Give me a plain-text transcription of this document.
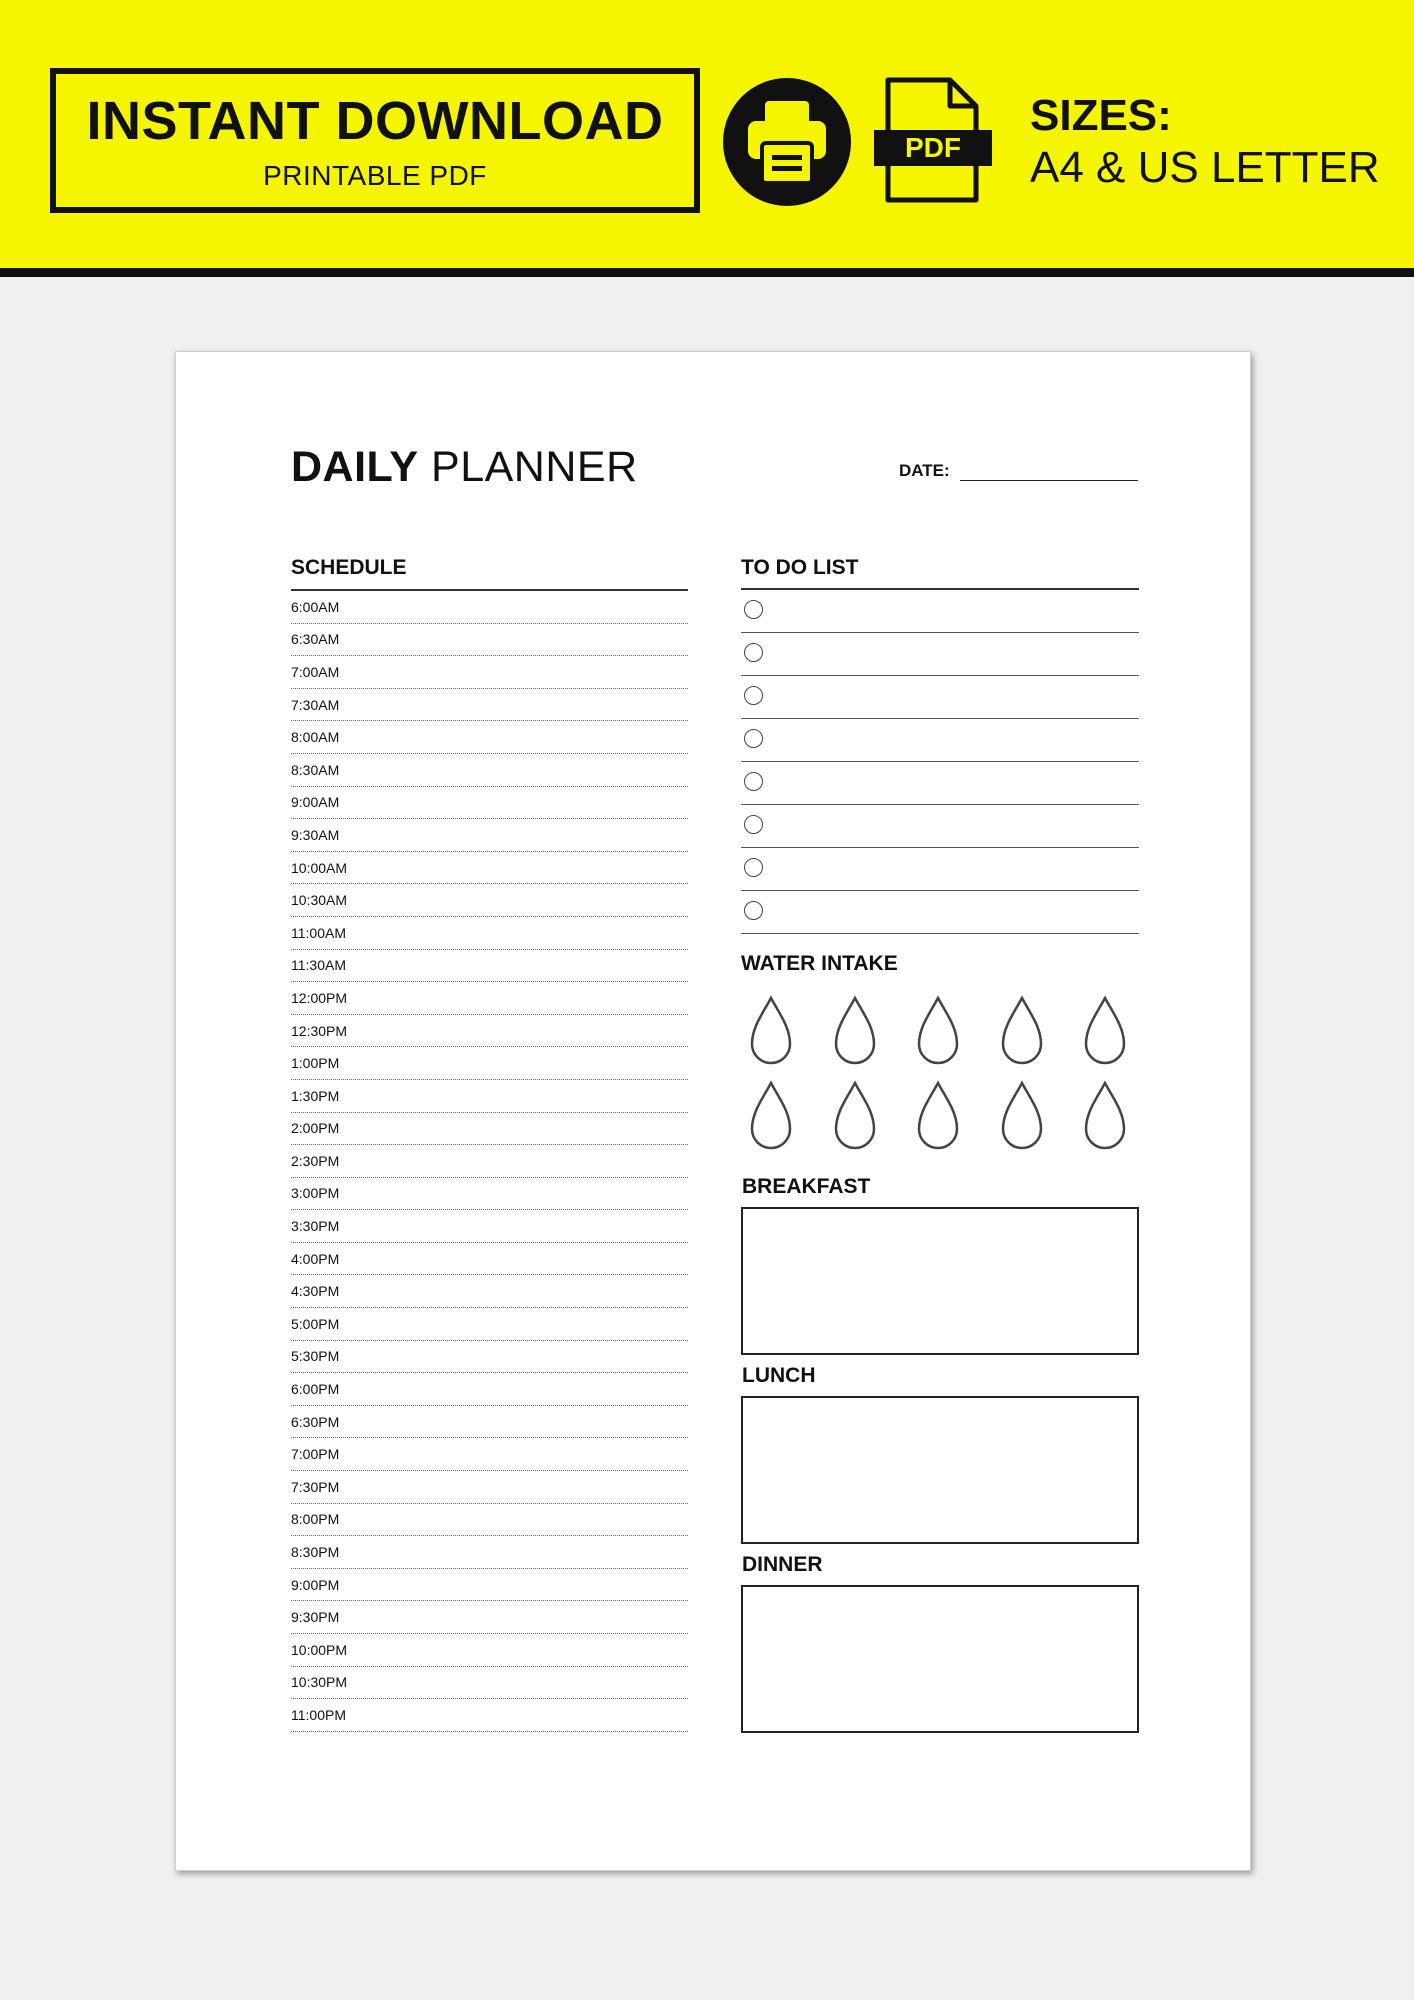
INSTANT DOWNLOAD
PRINTABLE PDF
PDF
SIZES:
A4 & US LETTER
DAILY PLANNER	DATE:
SCHEDULE
6:00AM
6:30AM
7:00AM
7:30AM
8:00AM
8:30AM
9:00AM
9:30AM
10:00AM
10:30AM
11:00AM
11:30AM
12:00PM
12:30PM
1:00PM
1:30PM
2:00PM
2:30PM
3:00PM
3:30PM
4:00PM
4:30PM
5:00PM
5:30PM
6:00PM
6:30PM
7:00PM
7:30PM
8:00PM
8:30PM
9:00PM
9:30PM
10:00PM
10:30PM
11:00PM
TO DO LIST
WATER INTAKE
BREAKFAST
LUNCH
DINNER
